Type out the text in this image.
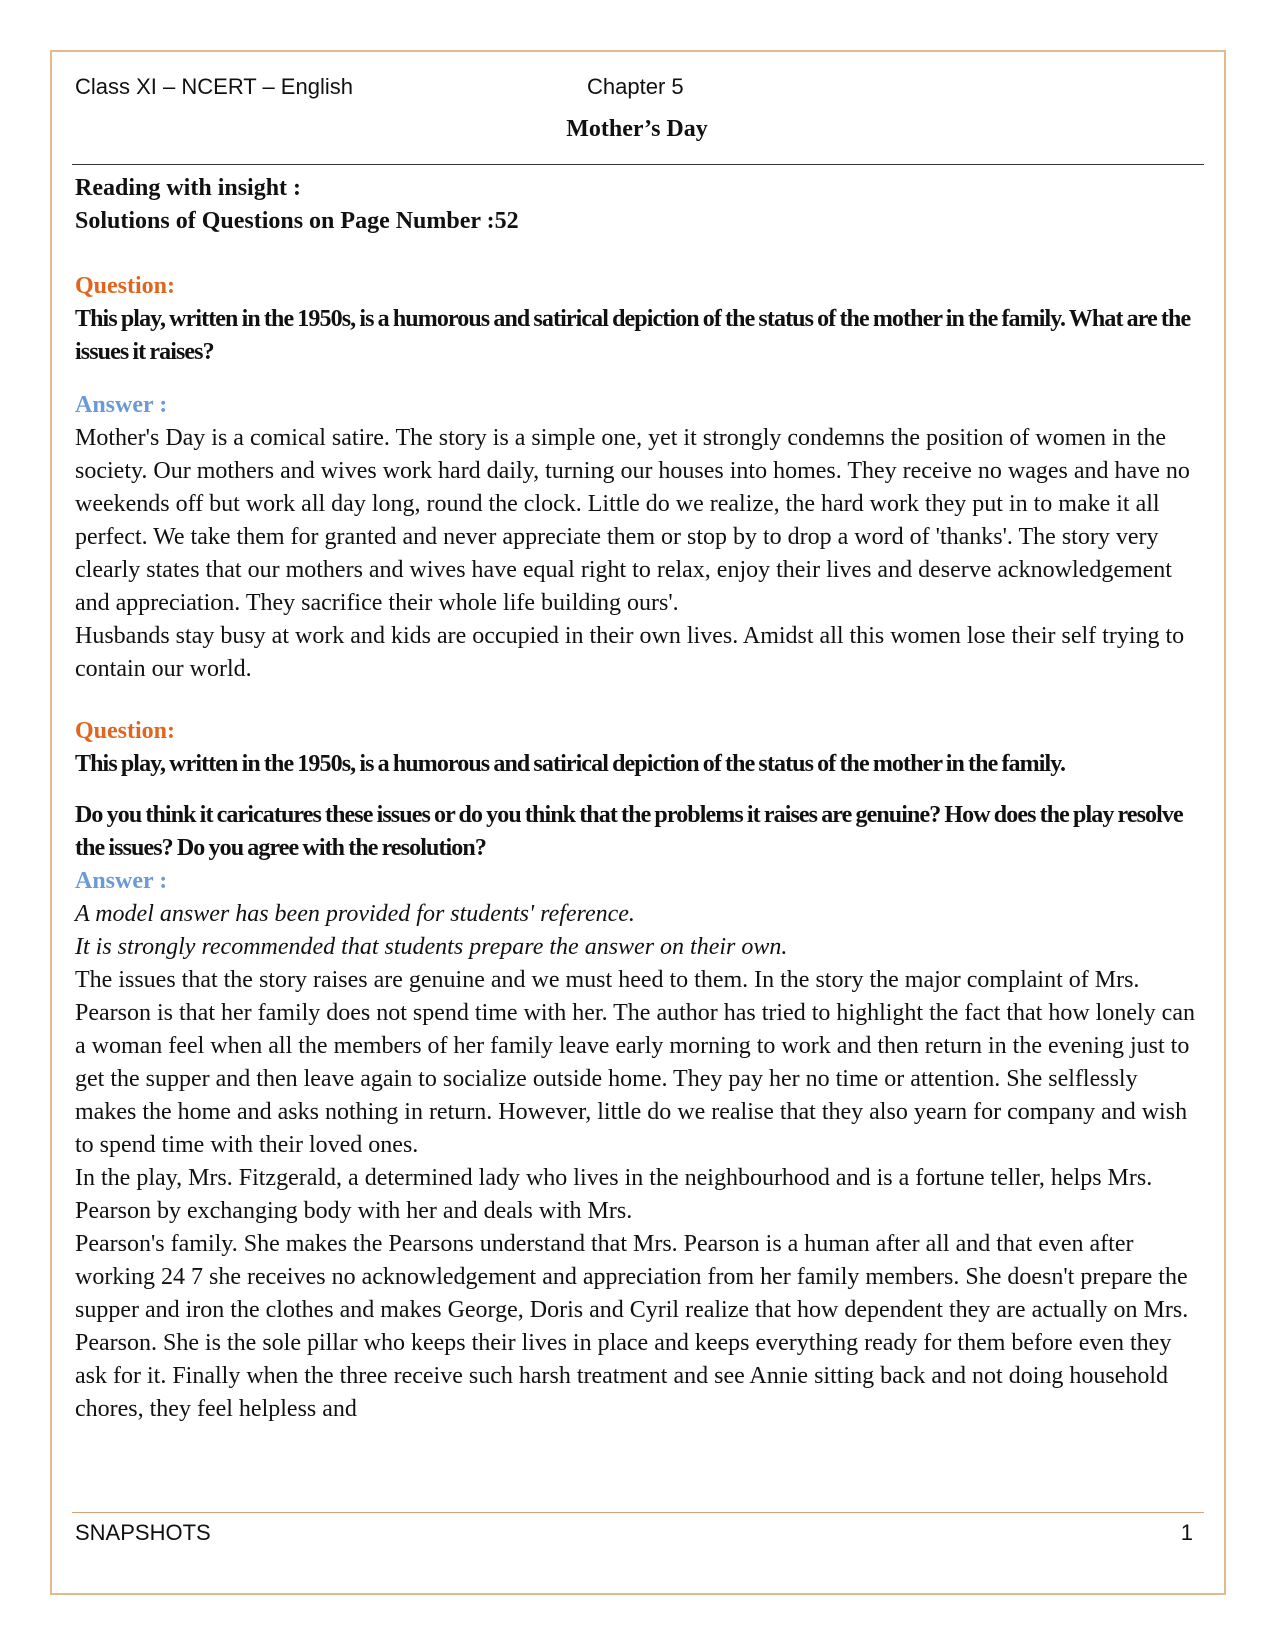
Class XI – NCERT – English	Chapter 5
Mother’s Day
Reading with insight :
Solutions of Questions on Page Number :52
Question:
This play, written in the 1950s, is a humorous and satirical depiction of the status of the mother in the family. What are the issues it raises?
Answer :

Mother's Day is a comical satire. The story is a simple one, yet it strongly condemns the position of women in the society. Our mothers and wives work hard daily, turning our houses into homes. They receive no wages and have no weekends off but work all day long, round the clock. Little do we realize, the hard work they put in to make it all perfect. We take them for granted and never appreciate them or stop by to drop a word of 'thanks'. The story very clearly states that our mothers and wives have equal right to relax, enjoy their lives and deserve acknowledgement and appreciation. They sacrifice their whole life building ours'.

Husbands stay busy at work and kids are occupied in their own lives. Amidst all this women lose their self trying to contain our world.

Question:
This play, written in the 1950s, is a humorous and satirical depiction of the status of the mother in the family.
Do you think it caricatures these issues or do you think that the problems it raises are genuine? How does the play resolve the issues? Do you agree with the resolution?
Answer :

A model answer has been provided for students' reference.

It is strongly recommended that students prepare the answer on their own.

The issues that the story raises are genuine and we must heed to them. In the story the major complaint of Mrs. Pearson is that her family does not spend time with her. The author has tried to highlight the fact that how lonely can a woman feel when all the members of her family leave early morning to work and then return in the evening just to get the supper and then leave again to socialize outside home. They pay her no time or attention. She selflessly makes the home and asks nothing in return. However, little do we realise that they also yearn for company and wish to spend time with their loved ones.

In the play, Mrs. Fitzgerald, a determined lady who lives in the neighbourhood and is a fortune teller, helps Mrs. Pearson by exchanging body with her and deals with Mrs.

Pearson's family. She makes the Pearsons understand that Mrs. Pearson is a human after all and that even after working 24 7 she receives no acknowledgement and appreciation from her family members. She doesn't prepare the supper and iron the clothes and makes George, Doris and Cyril realize that how dependent they are actually on Mrs. Pearson. She is the sole pillar who keeps their lives in place and keeps everything ready for them before even they ask for it. Finally when the three receive such harsh treatment and see Annie sitting back and not doing household chores, they feel helpless and

SNAPSHOTS	1
